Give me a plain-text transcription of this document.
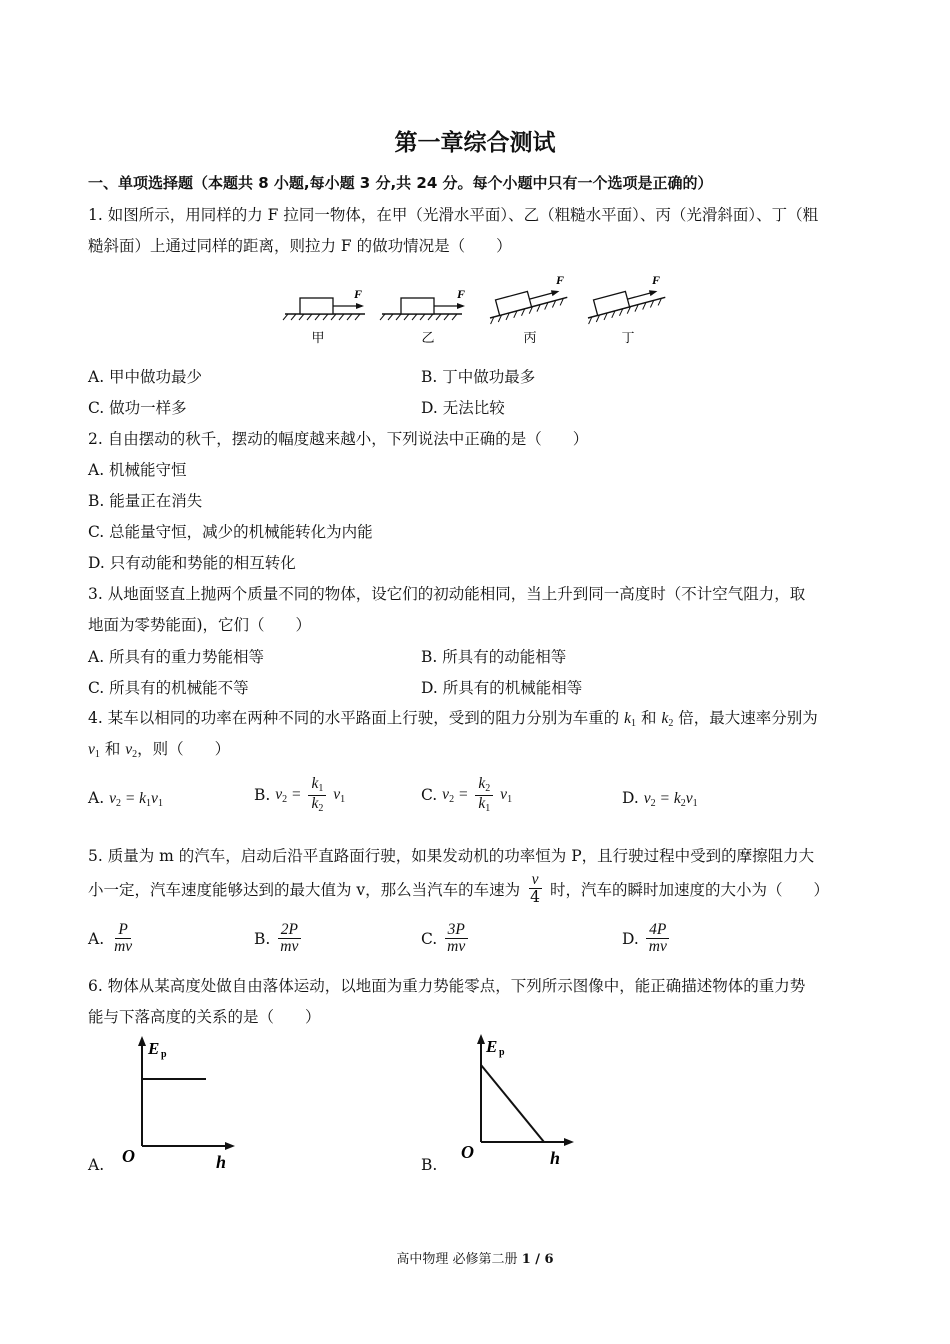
第一章综合测试
一、单项选择题（本题共 8 小题,每小题 3 分,共 24 分。每个小题中只有一个选项是正确的）
1. 如图所示，用同样的力 F 拉同一物体，在甲（光滑水平面）、乙（粗糙水平面）、丙（光滑斜面）、丁（粗
糙斜面）上通过同样的距离，则拉力 F 的做功情况是（　　）
F
甲
F
乙
F
丙
F
丁
A. 甲中做功最少	B. 丁中做功最多
C. 做功一样多	D. 无法比较
2. 自由摆动的秋千，摆动的幅度越来越小，下列说法中正确的是（　　）
A. 机械能守恒
B. 能量正在消失
C. 总能量守恒，减少的机械能转化为内能
D. 只有动能和势能的相互转化
3. 从地面竖直上抛两个质量不同的物体，设它们的初动能相同，当上升到同一高度时（不计空气阻力，取
地面为零势能面)，它们（　　）
A. 所具有的重力势能相等	B. 所具有的动能相等
C. 所具有的机械能不等	D. 所具有的机械能相等
4. 某车以相同的功率在两种不同的水平路面上行驶，受到的阻力分别为车重的 $k_1$ 和 $k_2$ 倍，最大速率分别为
$v_1$ 和 $v_2$，则（　　）
A. $v_2 = k_1v_1$	B. $v_2 = \frac{k_1}{k_2} v_1$	C. $v_2 = \frac{k_2}{k_1} v_1$	D. $v_2 = k_2v_1$
5. 质量为 m 的汽车，启动后沿平直路面行驶，如果发动机的功率恒为 P，且行驶过程中受到的摩擦阻力大
小一定，汽车速度能够达到的最大值为 v，那么当汽车的车速为 $\frac{v}{4}$ 时，汽车的瞬时加速度的大小为（　　）
A. $\frac{P}{mv}$	B. $\frac{2P}{mv}$	C. $\frac{3P}{mv}$	D. $\frac{4P}{mv}$
6. 物体从某高度处做自由落体运动，以地面为重力势能零点，下列所示图像中，能正确描述物体的重力势
能与下落高度的关系的是（　　）
E p
O	h
A.
E p
O	h
B.
高中物理 必修第二册 1 / 6
